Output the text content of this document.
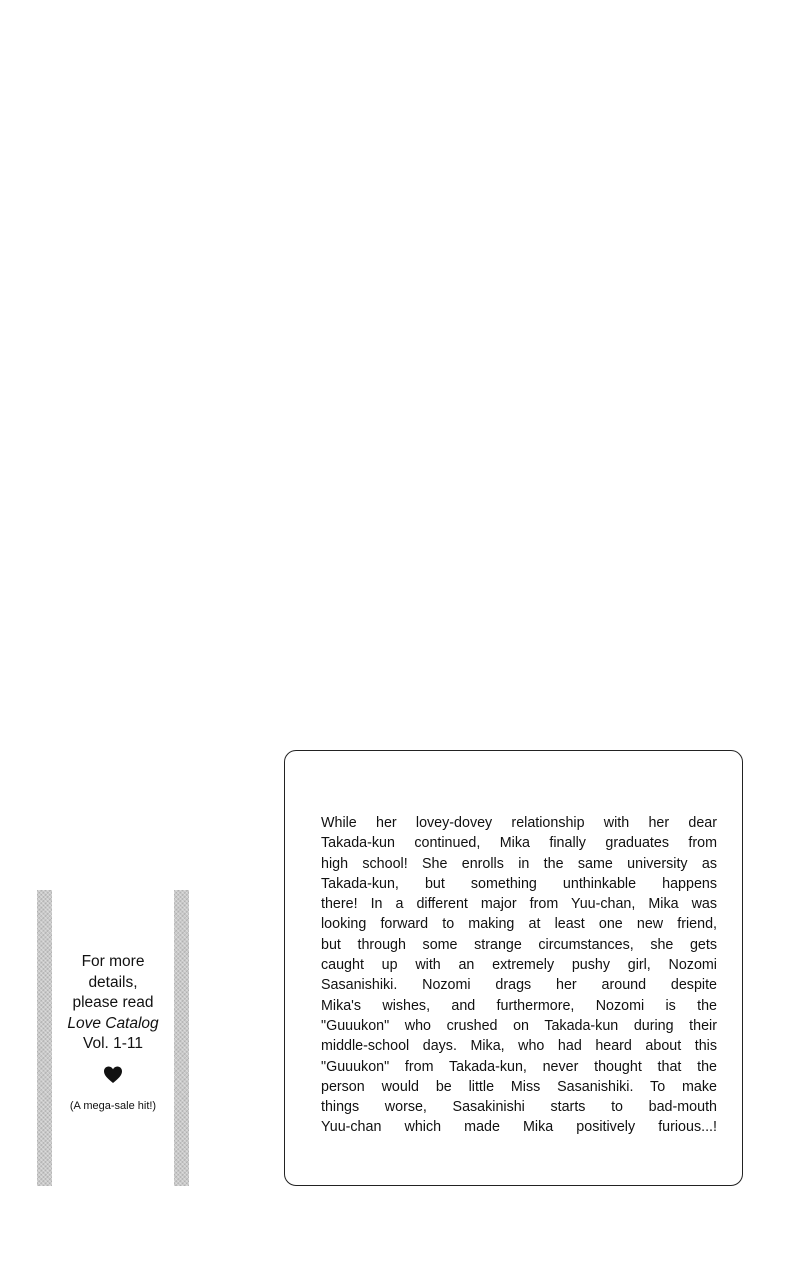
For more
details,
please read
Love Catalog
Vol. 1-11
(A mega-sale hit!)

While her lovey-dovey relationship with her dear
Takada-kun continued, Mika finally graduates from
high school! She enrolls in the same university as
Takada-kun, but something unthinkable happens
there! In a different major from Yuu-chan, Mika was
looking forward to making at least one new friend,
but through some strange circumstances, she gets
caught up with an extremely pushy girl, Nozomi
Sasanishiki. Nozomi drags her around despite
Mika's wishes, and furthermore, Nozomi is the
"Guuukon" who crushed on Takada-kun during their
middle-school days. Mika, who had heard about this
"Guuukon" from Takada-kun, never thought that the
person would be little Miss Sasanishiki. To make
things worse, Sasakinishi starts to bad-mouth
Yuu-chan which made Mika positively furious...!
